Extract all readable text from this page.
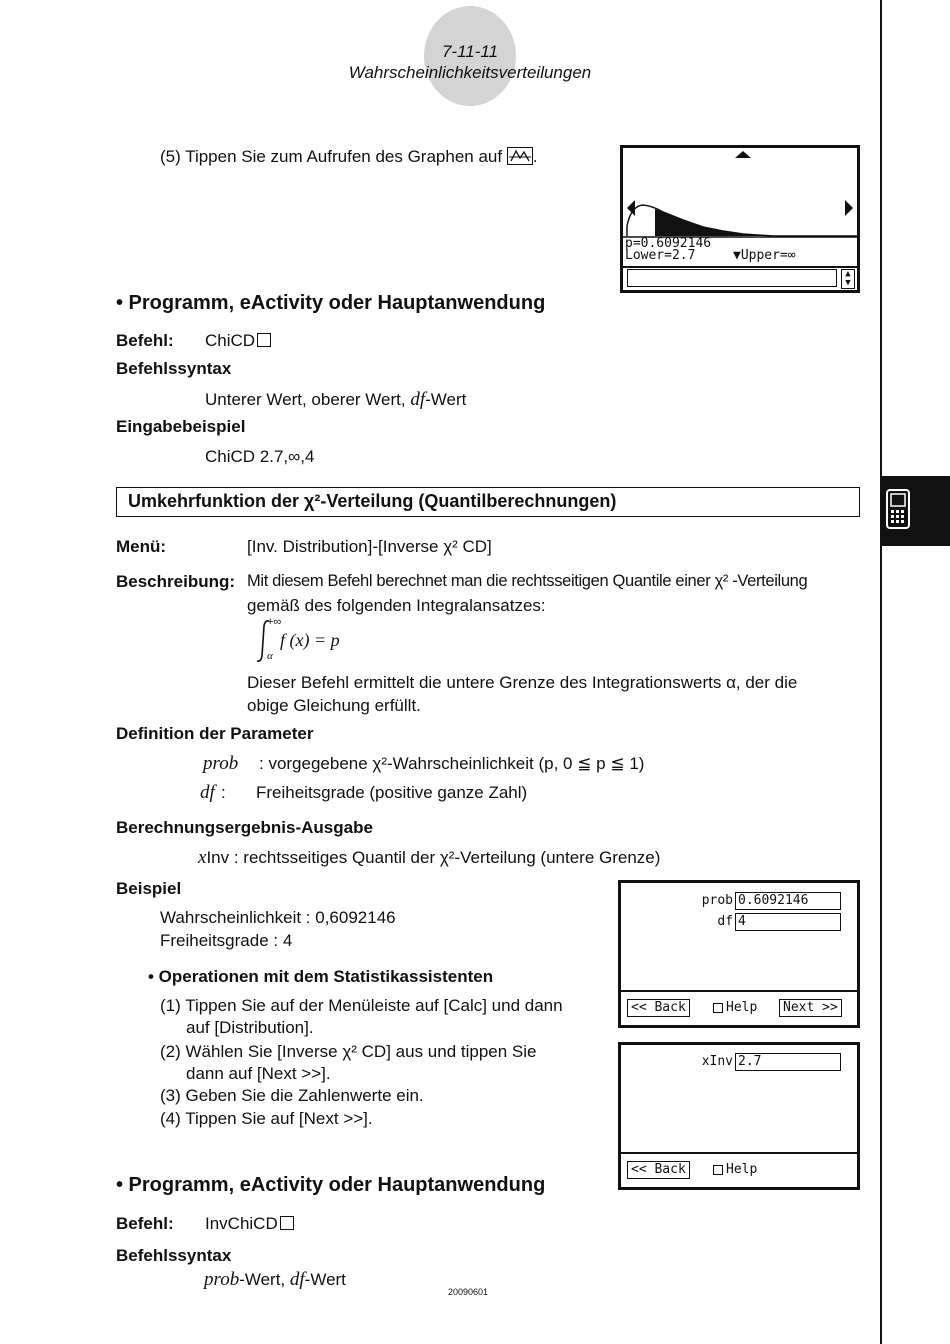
7-11-11
Wahrscheinlichkeitsverteilungen
(5) Tippen Sie zum Aufrufen des Graphen auf .
p=0.6092146
Lower=2.7	▼Upper=∞
▲
▼
• Programm, eActivity oder Hauptanwendung
Befehl: ChiCD
Befehlssyntax
Unterer Wert, oberer Wert, df-Wert
Eingabebeispiel
ChiCD 2.7,∞,4
Umkehrfunktion der χ²-Verteilung (Quantilberechnungen)
Menü:	[Inv. Distribution]-[Inverse χ² CD]
Beschreibung: Mit diesem Befehl berechnet man die rechtsseitigen Quantile einer χ² -Verteilung
gemäß des folgenden Integralansatzes:
+∞
α
f (x) = p
Dieser Befehl ermittelt die untere Grenze des Integrationswerts α, der die
obige Gleichung erfüllt.
Definition der Parameter
prob : vorgegebene χ²-Wahrscheinlichkeit (p, 0 ≦ p ≦ 1)
df : Freiheitsgrade (positive ganze Zahl)
Berechnungsergebnis-Ausgabe
xInv : rechtsseitiges Quantil der χ²-Verteilung (untere Grenze)
Beispiel
Wahrscheinlichkeit : 0,6092146
Freiheitsgrade : 4
• Operationen mit dem Statistikassistenten
(1) Tippen Sie auf der Menüleiste auf [Calc] und dann
auf [Distribution].
(2) Wählen Sie [Inverse χ² CD] aus und tippen Sie
dann auf [Next >>].
(3) Geben Sie die Zahlenwerte ein.
(4) Tippen Sie auf [Next >>].
prob 0.6092146
df 4
<< Back	Help	Next >>
xInv 2.7
<< Back	Help
• Programm, eActivity oder Hauptanwendung
Befehl: InvChiCD
Befehlssyntax
prob-Wert, df-Wert
20090601
